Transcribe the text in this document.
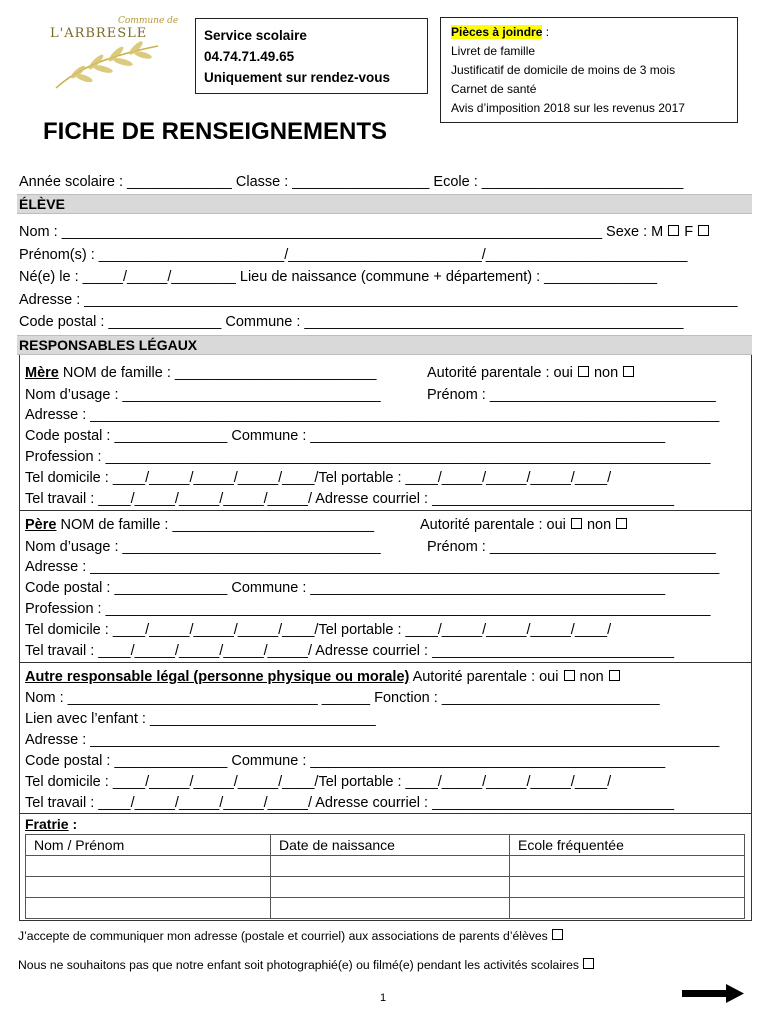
Commune de
L'ARBRESLE	Service scolaire
04.74.71.49.65
Uniquement sur rendez-vous
Pièces à joindre :
Livret de famille
Justificatif de domicile de moins de 3 mois
Carnet de santé
Avis d’imposition 2018 sur les revenus 2017
FICHE DE RENSEIGNEMENTS
Année scolaire : _____________ Classe : _________________ Ecole : _________________________
ÉLÈVE
Nom : ___________________________________________________________________ Sexe : M  F
Prénom(s) : _______________________/________________________/_________________________
Né(e) le : _____/_____/________ Lieu de naissance (commune + département) : ______________
Adresse : _________________________________________________________________________________
Code postal : ______________ Commune : _______________________________________________
RESPONSABLES LÉGAUX
Mère NOM de famille : _________________________	Autorité parentale : oui  non
Nom d’usage : ________________________________	Prénom : ____________________________
Adresse : ______________________________________________________________________________
Code postal : ______________ Commune : ____________________________________________
Profession : ___________________________________________________________________________
Tel domicile : ____/_____/_____/_____/____/Tel portable : ____/_____/_____/_____/____/
Tel travail : ____/_____/_____/_____/_____/ Adresse courriel : ______________________________
Père NOM de famille : _________________________	Autorité parentale : oui  non
Nom d’usage : ________________________________	Prénom : ____________________________
Adresse : ______________________________________________________________________________
Code postal : ______________ Commune : ____________________________________________
Profession : ___________________________________________________________________________
Tel domicile : ____/_____/_____/_____/____/Tel portable : ____/_____/_____/_____/____/
Tel travail : ____/_____/_____/_____/_____/ Adresse courriel : ______________________________
Autre responsable légal (personne physique ou morale) Autorité parentale : oui  non
Nom : _______________________________ ______ Fonction : ___________________________
Lien avec l’enfant : ____________________________
Adresse : ______________________________________________________________________________
Code postal : ______________ Commune : ____________________________________________
Tel domicile : ____/_____/_____/_____/____/Tel portable : ____/_____/_____/_____/____/
Tel travail : ____/_____/_____/_____/_____/ Adresse courriel : ______________________________
Fratrie :
Nom / Prénom	Date de naissance	Ecole fréquentée

J’accepte de communiquer mon adresse (postale et courriel) aux associations de parents d’élèves
Nous ne souhaitons pas que notre enfant soit photographié(e) ou filmé(e) pendant les activités scolaires
1
